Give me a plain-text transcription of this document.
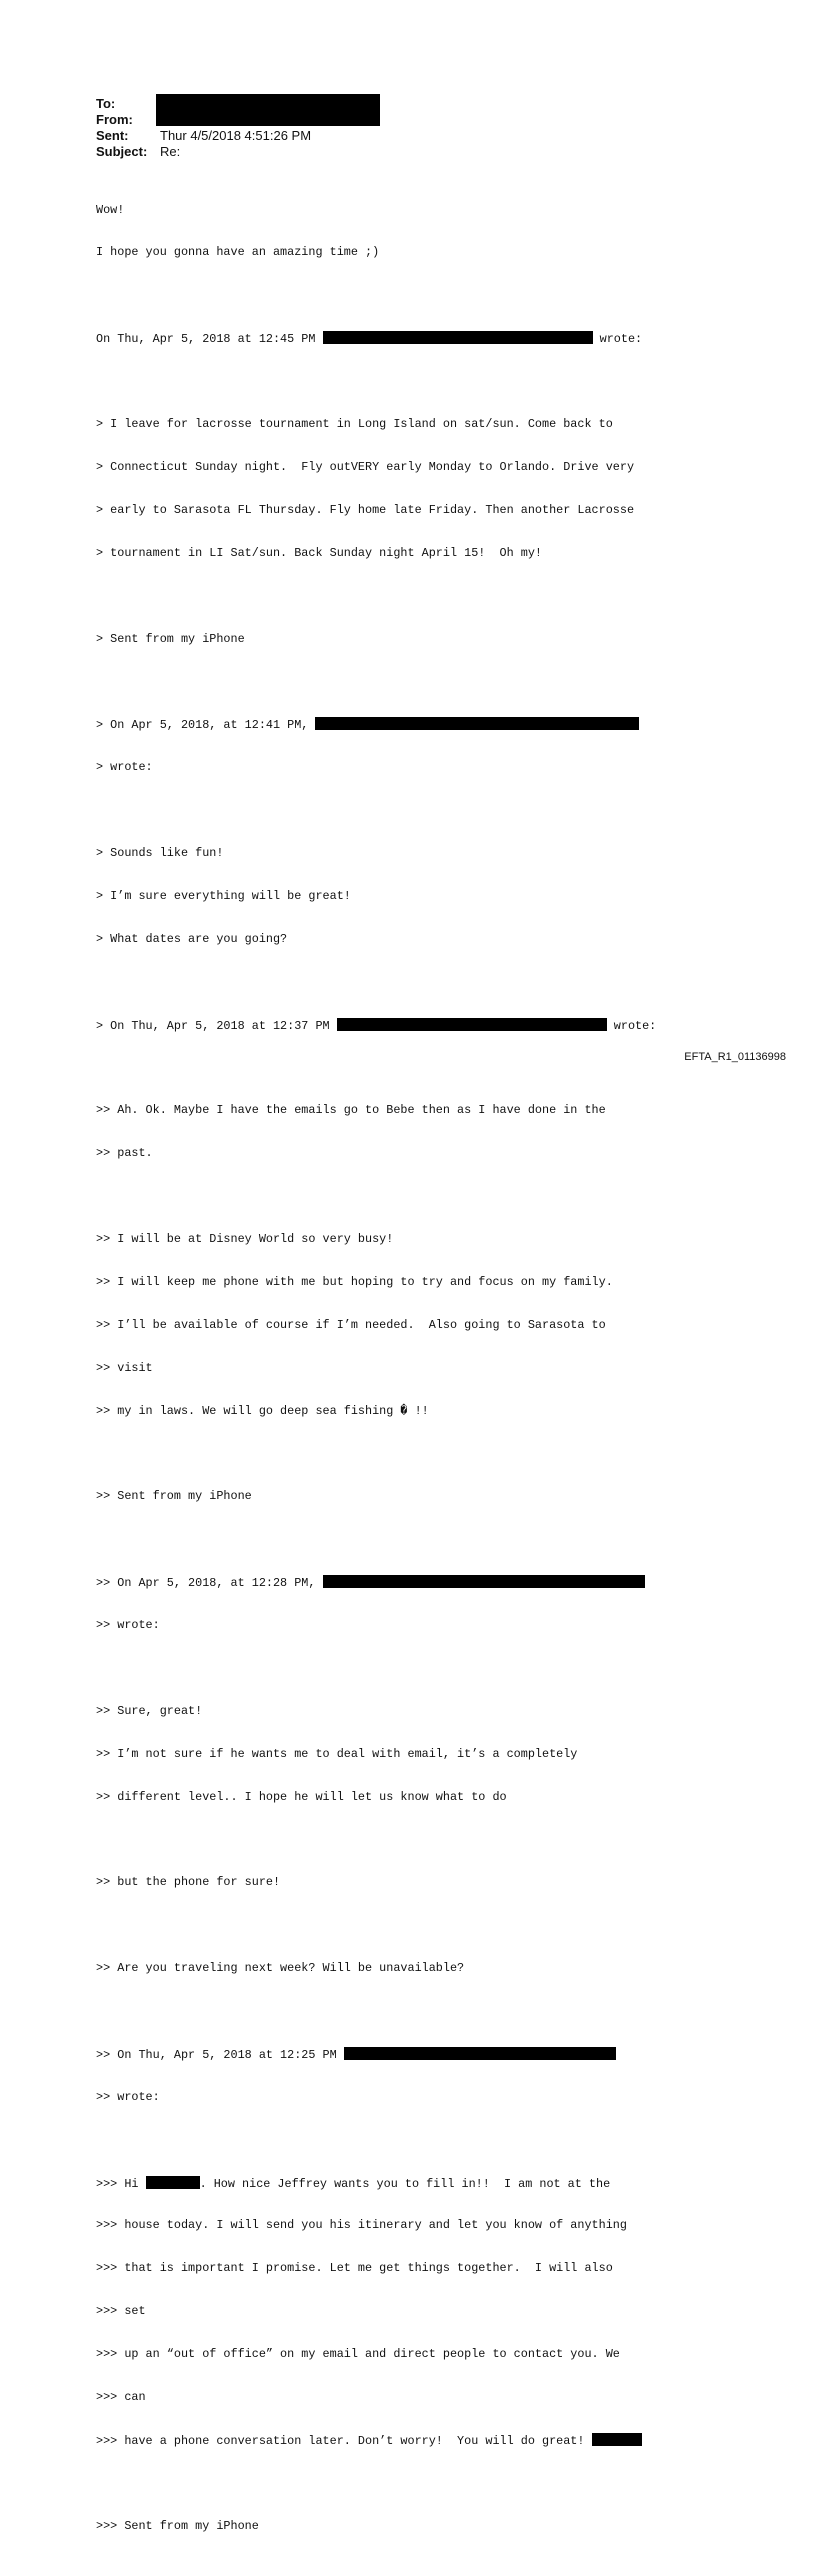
To:
From:
Sent:	Thur 4/5/2018 4:51:26 PM
Subject: Re:

Wow!

I hope you gonna have an amazing time ;)

On Thu, Apr 5, 2018 at 12:45 PM	wrote:

> I leave for lacrosse tournament in Long Island on sat/sun. Come back to

> Connecticut Sunday night.  Fly outVERY early Monday to Orlando. Drive very

> early to Sarasota FL Thursday. Fly home late Friday. Then another Lacrosse

> tournament in LI Sat/sun. Back Sunday night April 15!  Oh my!

> Sent from my iPhone

> On Apr 5, 2018, at 12:41 PM,

> wrote:

> Sounds like fun!

> I’m sure everything will be great!

> What dates are you going?

> On Thu, Apr 5, 2018 at 12:37 PM	wrote:

>> Ah. Ok. Maybe I have the emails go to Bebe then as I have done in the

>> past.

>> I will be at Disney World so very busy!

>> I will keep me phone with me but hoping to try and focus on my family.

>> I’ll be available of course if I’m needed.  Also going to Sarasota to

>> visit

>> my in laws. We will go deep sea fishing � !!

>> Sent from my iPhone

>> On Apr 5, 2018, at 12:28 PM,

>> wrote:

>> Sure, great!

>> I’m not sure if he wants me to deal with email, it’s a completely

>> different level.. I hope he will let us know what to do

>> but the phone for sure!

>> Are you traveling next week? Will be unavailable?

>> On Thu, Apr 5, 2018 at 12:25 PM

>> wrote:

>>> Hi	. How nice Jeffrey wants you to fill in!!  I am not at the

>>> house today. I will send you his itinerary and let you know of anything

>>> that is important I promise. Let me get things together.  I will also

>>> set

>>> up an “out of office” on my email and direct people to contact you. We

>>> can

>>> have a phone conversation later. Don’t worry!  You will do great!

>>> Sent from my iPhone

EFTA_R1_01136998
